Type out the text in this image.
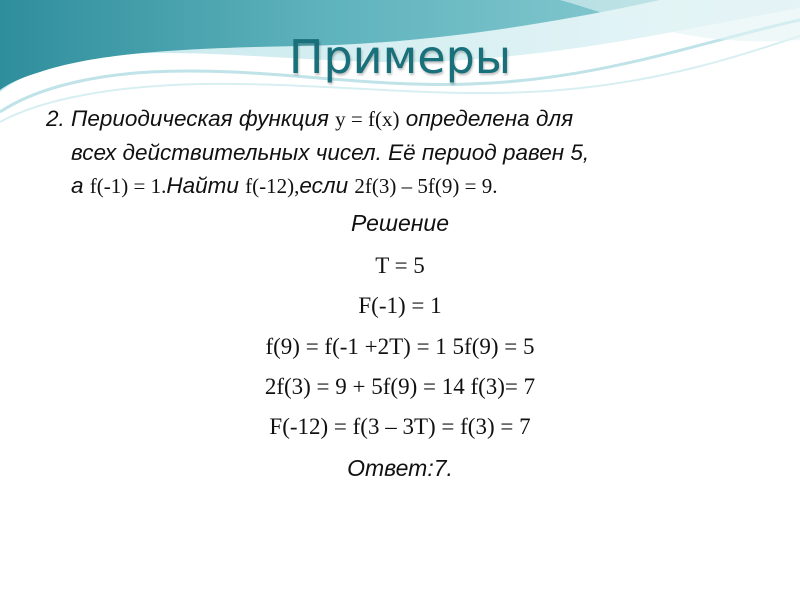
Примеры
2. Периодическая функция y = f(x) определена для
всех действительных чисел. Её период равен 5,
а f(-1) = 1.Найти f(-12),если 2f(3) – 5f(9) = 9.
Решение
T = 5
F(-1) = 1
f(9) = f(-1 +2T) = 1 5f(9) = 5
2f(3) = 9 + 5f(9) = 14 f(3)= 7
F(-12) = f(3 – 3T) = f(3) = 7
Ответ:7.
